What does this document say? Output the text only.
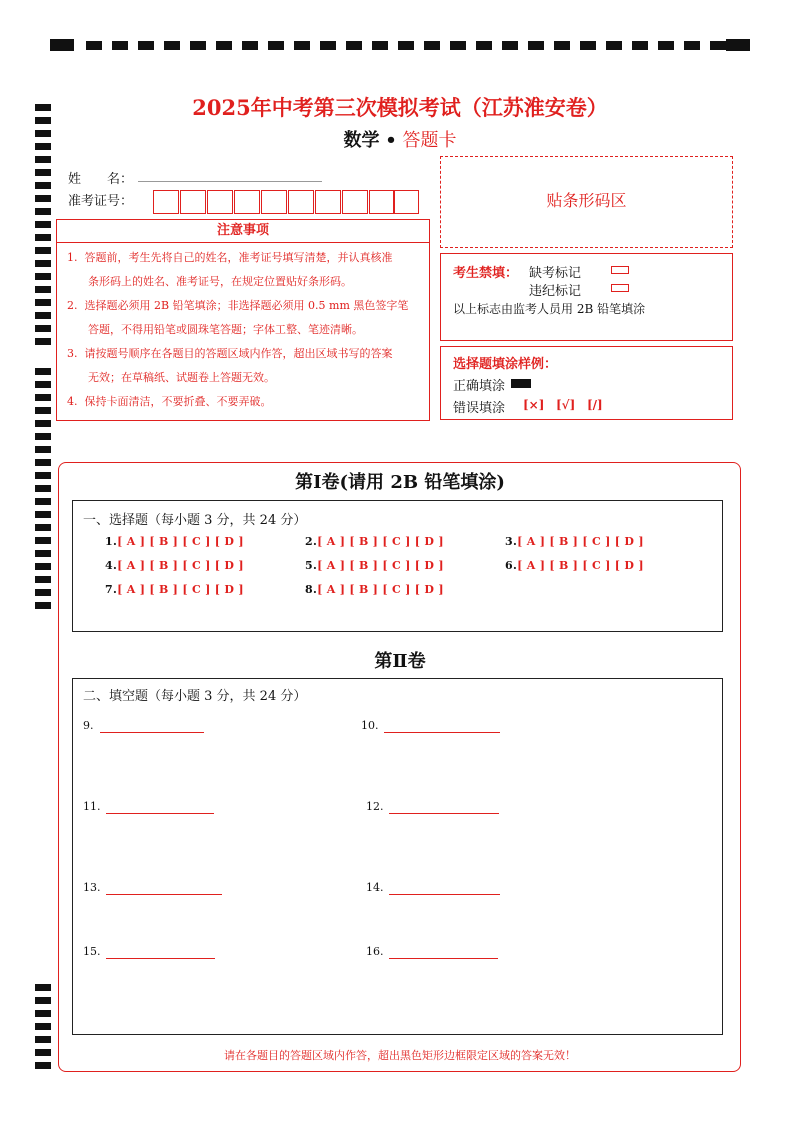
2025年中考第三次模拟考试（江苏淮安卷）
数学 • 答题卡
姓　　名：
准考证号：
注意事项
1.  答题前，考生先将自己的姓名，准考证号填写清楚，并认真核准
条形码上的姓名、准考证号，在规定位置贴好条形码。
2.  选择题必须用 2B 铅笔填涂；非选择题必须用 0.5 mm 黑色签字笔
答题，不得用铅笔或圆珠笔答题；字体工整、笔迹清晰。
3.  请按题号顺序在各题目的答题区域内作答，超出区域书写的答案
无效；在草稿纸、试题卷上答题无效。
4.  保持卡面清洁，不要折叠、不要弄破。
贴条形码区
考生禁填： 缺考标记
违纪标记
以上标志由监考人员用 2B 铅笔填涂
选择题填涂样例：
正确填涂
错误填涂 [×] [√] [/]
第Ⅰ卷(请用 2B 铅笔填涂)
一、选择题（每小题 3 分，共 24 分）
1.[ A ] [ B ] [ C ] [ D ]	2.[ A ] [ B ] [ C ] [ D ]	3.[ A ] [ B ] [ C ] [ D ]
4.[ A ] [ B ] [ C ] [ D ]	5.[ A ] [ B ] [ C ] [ D ]	6.[ A ] [ B ] [ C ] [ D ]
7.[ A ] [ B ] [ C ] [ D ]	8.[ A ] [ B ] [ C ] [ D ]
第Ⅱ卷
二、填空题（每小题 3 分，共 24 分）
9.	10.
11.	12.
13.	14.
15.	16.
请在各题目的答题区域内作答，超出黑色矩形边框限定区域的答案无效！
